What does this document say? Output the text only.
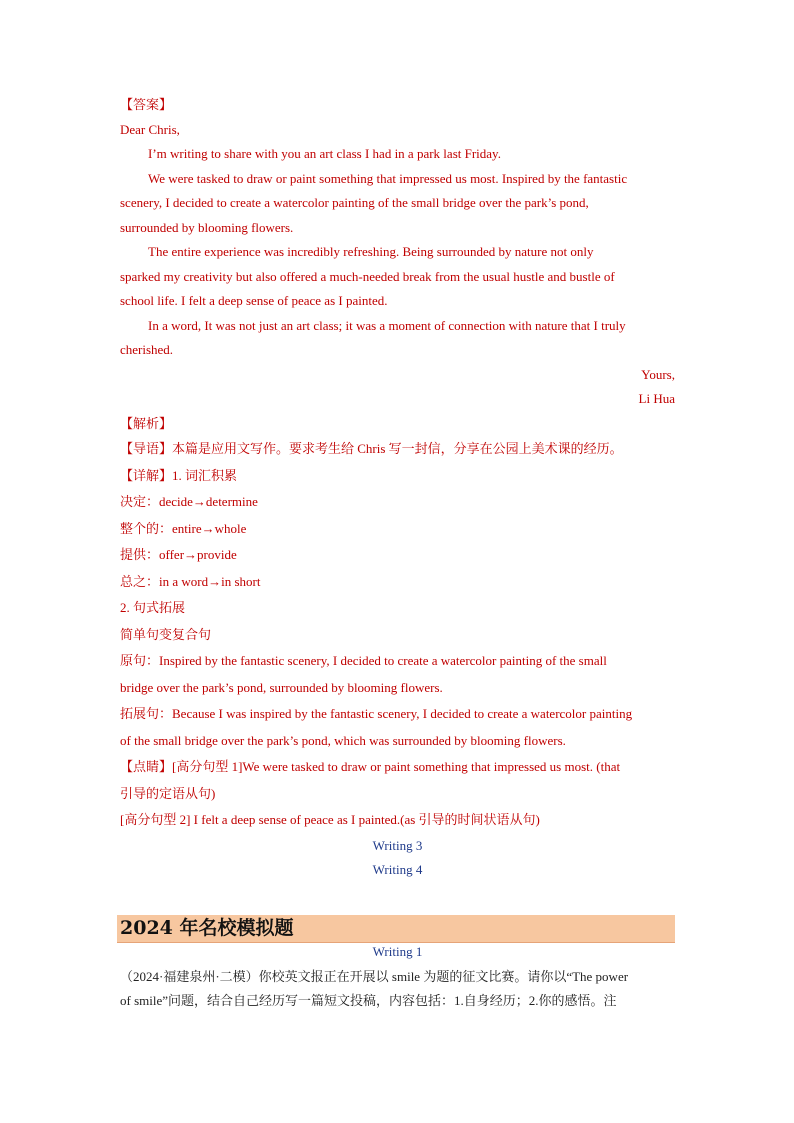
【答案】
Dear Chris,
I’m writing to share with you an art class I had in a park last Friday.
We were tasked to draw or paint something that impressed us most. Inspired by the fantastic
scenery, I decided to create a watercolor painting of the small bridge over the park’s pond,
surrounded by blooming flowers.
The entire experience was incredibly refreshing. Being surrounded by nature not only
sparked my creativity but also offered a much-needed break from the usual hustle and bustle of
school life. I felt a deep sense of peace as I painted.
In a word, It was not just an art class; it was a moment of connection with nature that I truly
cherished.
Yours,
Li Hua
【解析】
【导语】本篇是应用文写作。要求考生给 Chris 写一封信，分享在公园上美术课的经历。
【详解】1. 词汇积累
决定：decide→determine
整个的：entire→whole
提供：offer→provide
总之：in a word→in short
2. 句式拓展
简单句变复合句
原句：Inspired by the fantastic scenery, I decided to create a watercolor painting of the small
bridge over the park’s pond, surrounded by blooming flowers.
拓展句：Because I was inspired by the fantastic scenery, I decided to create a watercolor painting
of the small bridge over the park’s pond, which was surrounded by blooming flowers.
【点睛】[高分句型 1]We were tasked to draw or paint something that impressed us most. (that
引导的定语从句)
[高分句型 2] I felt a deep sense of peace as I painted.(as 引导的时间状语从句)
Writing 3
Writing 4
2024 年名校模拟题
Writing 1
（2024·福建泉州·二模）你校英文报正在开展以 smile 为题的征文比赛。请你以“The power
of smile”问题，结合自己经历写一篇短文投稿，内容包括：1.自身经历；2.你的感悟。注
